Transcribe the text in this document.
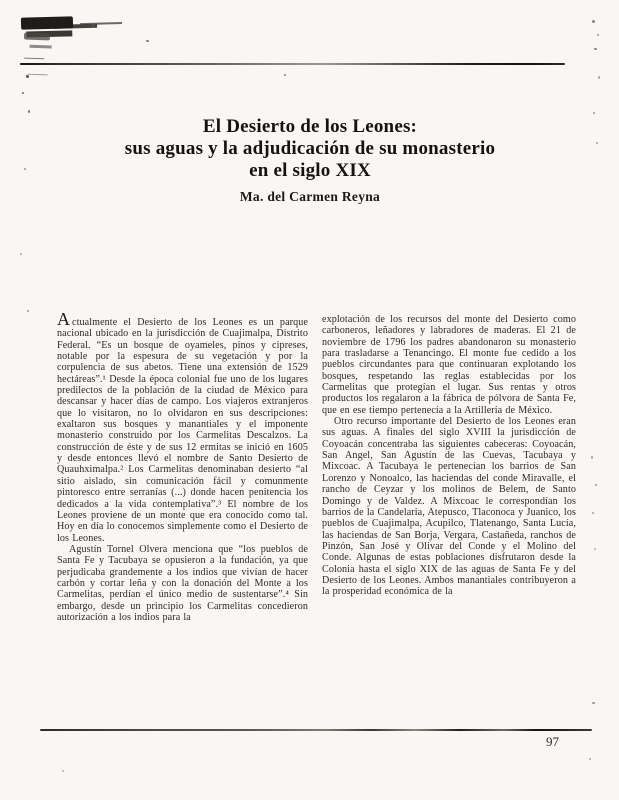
El Desierto de los Leones:
sus aguas y la adjudicación de su monasterio
en el siglo XIX
Ma. del Carmen Reyna

Actualmente el Desierto de los Leones es un parque nacional ubicado en la jurisdicción de Cuajimalpa, Distrito Federal. “Es un bosque de oyameles, pinos y cipreses, notable por la espesura de su vegetación y por la corpulencia de sus abetos. Tiene una extensión de 1529 hectáreas”.¹ Desde la época colonial fue uno de los lugares predilectos de la población de la ciudad de México para descansar y hacer días de campo. Los viajeros extranjeros que lo visitaron, no lo olvidaron en sus descripciones: exaltaron sus bosques y manantiales y el imponente monasterio construido por los Carmelitas Descalzos. La construcción de éste y de sus 12 ermitas se inició en 1605 y desde entonces llevó el nombre de Santo Desierto de Quauhximalpa.² Los Carmelitas denominaban desierto “al sitio aislado, sin comunicación fácil y comunmente pintoresco entre serranías (...) donde hacen penitencia los dedicados a la vida contemplativa”.³ El nombre de los Leones proviene de un monte que era conocido como tal. Hoy en día lo conocemos simplemente como el Desierto de los Leones.

Agustín Tornel Olvera menciona que “los pueblos de Santa Fe y Tacubaya se opusieron a la fundación, ya que perjudicaba grandemente a los indios que vivían de hacer carbón y cortar leña y con la donación del Monte a los Carmelitas, perdían el único medio de sustentarse”.⁴ Sin embargo, desde un principio los Carmelitas concedieron autorización a los indios para la

explotación de los recursos del monte del Desierto como carboneros, leñadores y labradores de maderas. El 21 de noviembre de 1796 los padres abandonaron su monasterio para trasladarse a Tenancingo. El monte fue cedido a los pueblos circundantes para que continuaran explotando los bosques, respetando las reglas establecidas por los Carmelitas que protegían el lugar. Sus rentas y otros productos los regalaron a la fábrica de pólvora de Santa Fe, que en ese tiempo pertenecía a la Artillería de México.

Otro recurso importante del Desierto de los Leones eran sus aguas. A finales del siglo XVIII la jurisdicción de Coyoacán concentraba las siguientes cabeceras: Coyoacán, San Angel, San Agustín de las Cuevas, Tacubaya y Mixcoac. A Tacubaya le pertenecían los barrios de San Lorenzo y Nonoalco, las haciendas del conde Miravalle, el rancho de Ceyzar y los molinos de Belem, de Santo Domingo y de Valdez. A Mixcoac le correspondían los barrios de la Candelaria, Atepusco, Tlaconoca y Juanico, los pueblos de Cuajimalpa, Acupilco, Tlatenango, Santa Lucía, las haciendas de San Borja, Vergara, Castañeda, ranchos de Pinzón, San José y Olivar del Conde y el Molino del Conde. Algunas de estas poblaciones disfrutaron desde la Colonia hasta el siglo XIX de las aguas de Santa Fe y del Desierto de los Leones. Ambos manantiales contribuyeron a la prosperidad económica de la

97
